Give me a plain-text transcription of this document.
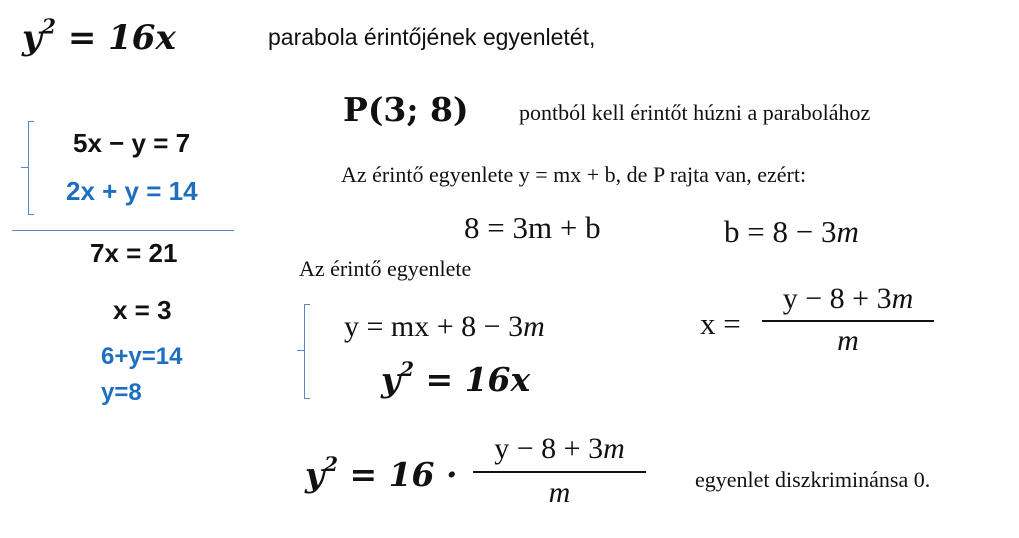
$y^2 = 16x$	parabola érintőjének egyenletét,
P(3; 8) pontból kell érintőt húzni a parabolához
5x − y = 7
2x + y = 14
7x = 21
x = 3
6+y=14
y=8
Az érintő egyenlete y = mx + b, de P rajta van, ezért:
8 = 3m + b	b = 8 − 3m
Az érintő egyenlete
y = mx + 8 − 3m
$y^2 = 16x$
x =
y − 8 + 3m
m
$y^2 = 16$ ·
y − 8 + 3m
m	egyenlet diszkriminánsa 0.
